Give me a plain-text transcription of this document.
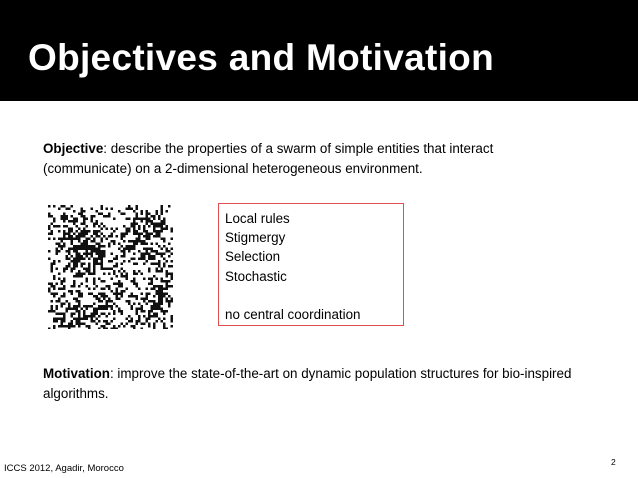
Objectives and Motivation
Objective: describe the properties of a swarm of simple entities that interact (communicate) on a 2-dimensional heterogeneous environment.
Local rules
Stigmergy
Selection
Stochastic
no central coordination
Motivation: improve the state-of-the-art on dynamic population structures for bio-inspired algorithms.
ICCS 2012, Agadir, Morocco
2
